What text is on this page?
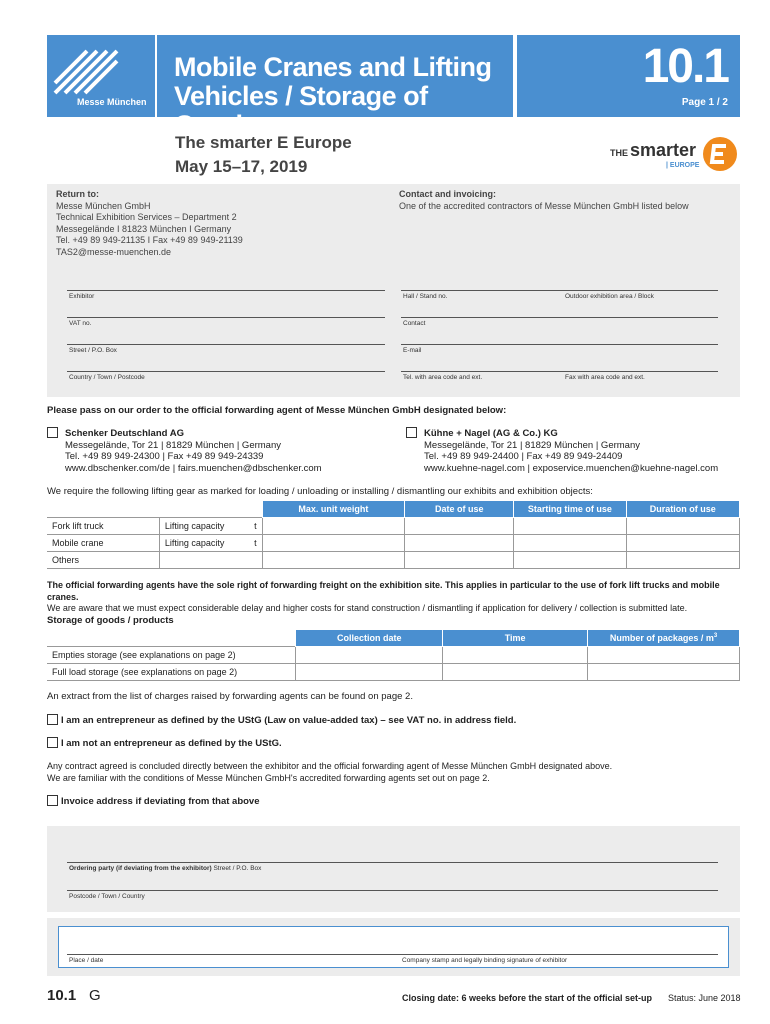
Messe München
Mobile Cranes and Lifting
Vehicles / Storage of Goods
10.1
Page 1 / 2
The smarter E Europe
May 15–17, 2019
THE smarter
| EUROPE
Return to:
Messe München GmbH
Technical Exhibition Services – Department 2
Messegelände I 81823 München I Germany
Tel. +49 89 949-21135 I Fax +49 89 949-21139
TAS2@messe-muenchen.de
Contact and invoicing:
One of the accredited contractors of Messe München GmbH listed below
Exhibitor	Hall / Stand no.	Outdoor exhibition area / Block
VAT no.	Contact
Street / P.O. Box	E-mail
Country / Town / Postcode	Tel. with area code and ext.	Fax with area code and ext.
Please pass on our order to the official forwarding agent of Messe München GmbH designated below:
Schenker Deutschland AG
Messegelände, Tor 21 | 81829 München | Germany
Tel. +49 89 949-24300 | Fax +49 89 949-24339
www.dbschenker.com/de | fairs.muenchen@dbschenker.com
Kühne + Nagel (AG & Co.) KG
Messegelände, Tor 21 | 81829 München | Germany
Tel. +49 89 949-24400 | Fax +49 89 949-24409
www.kuehne-nagel.com | exposervice.muenchen@kuehne-nagel.com
We require the following lifting gear as marked for loading / unloading or installing / dismantling our exhibits and exhibition objects:
		Max. unit weight	Date of use	Starting time of use	Duration of use
Fork lift truck	Lifting capacity t				

Mobile crane	Lifting capacity t				

Others					
The official forwarding agents have the sole right of forwarding freight on the exhibition site. This applies in particular to the use of fork lift trucks and mobile cranes.
We are aware that we must expect considerable delay and higher costs for stand construction / dismantling if application for delivery / collection is submitted late.
Storage of goods / products
	Collection date	Time	Number of packages / $m^3$
Empties storage (see explanations on page 2)			
Full load storage (see explanations on page 2)			
An extract from the list of charges raised by forwarding agents can be found on page 2.
I am an entrepreneur as defined by the UStG (Law on value-added tax) – see VAT no. in address field.
I am not an entrepreneur as defined by the UStG.
Any contract agreed is concluded directly between the exhibitor and the official forwarding agent of Messe München GmbH designated above.
We are familiar with the conditions of Messe München GmbH's accredited forwarding agents set out on page 2.
Invoice address if deviating from that above
Ordering party (if deviating from the exhibitor) Street / P.O. Box
Postcode / Town / Country
Place / date	Company stamp and legally binding signature of exhibitor
10.1 G	Closing date: 6 weeks before the start of the official set-up Status: June 2018
